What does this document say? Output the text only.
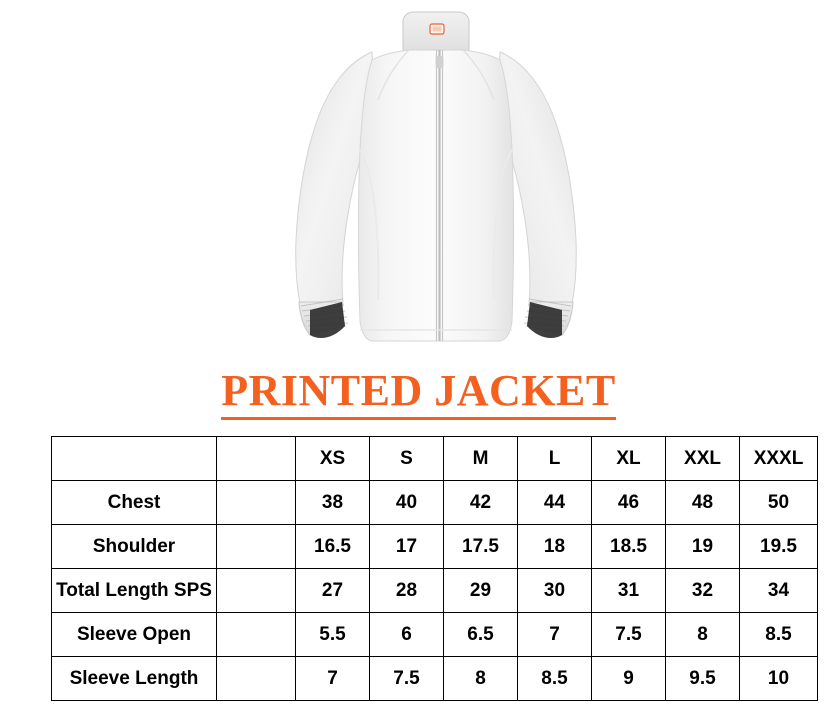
PRINTED JACKET
		XS	S	M	L	XL	XXL	XXXL
Chest		38	40	42	44	46	48	50
Shoulder		16.5	17	17.5	18	18.5	19	19.5
Total Length SPS		27	28	29	30	31	32	34
Sleeve Open		5.5	6	6.5	7	7.5	8	8.5
Sleeve Length		7	7.5	8	8.5	9	9.5	10
